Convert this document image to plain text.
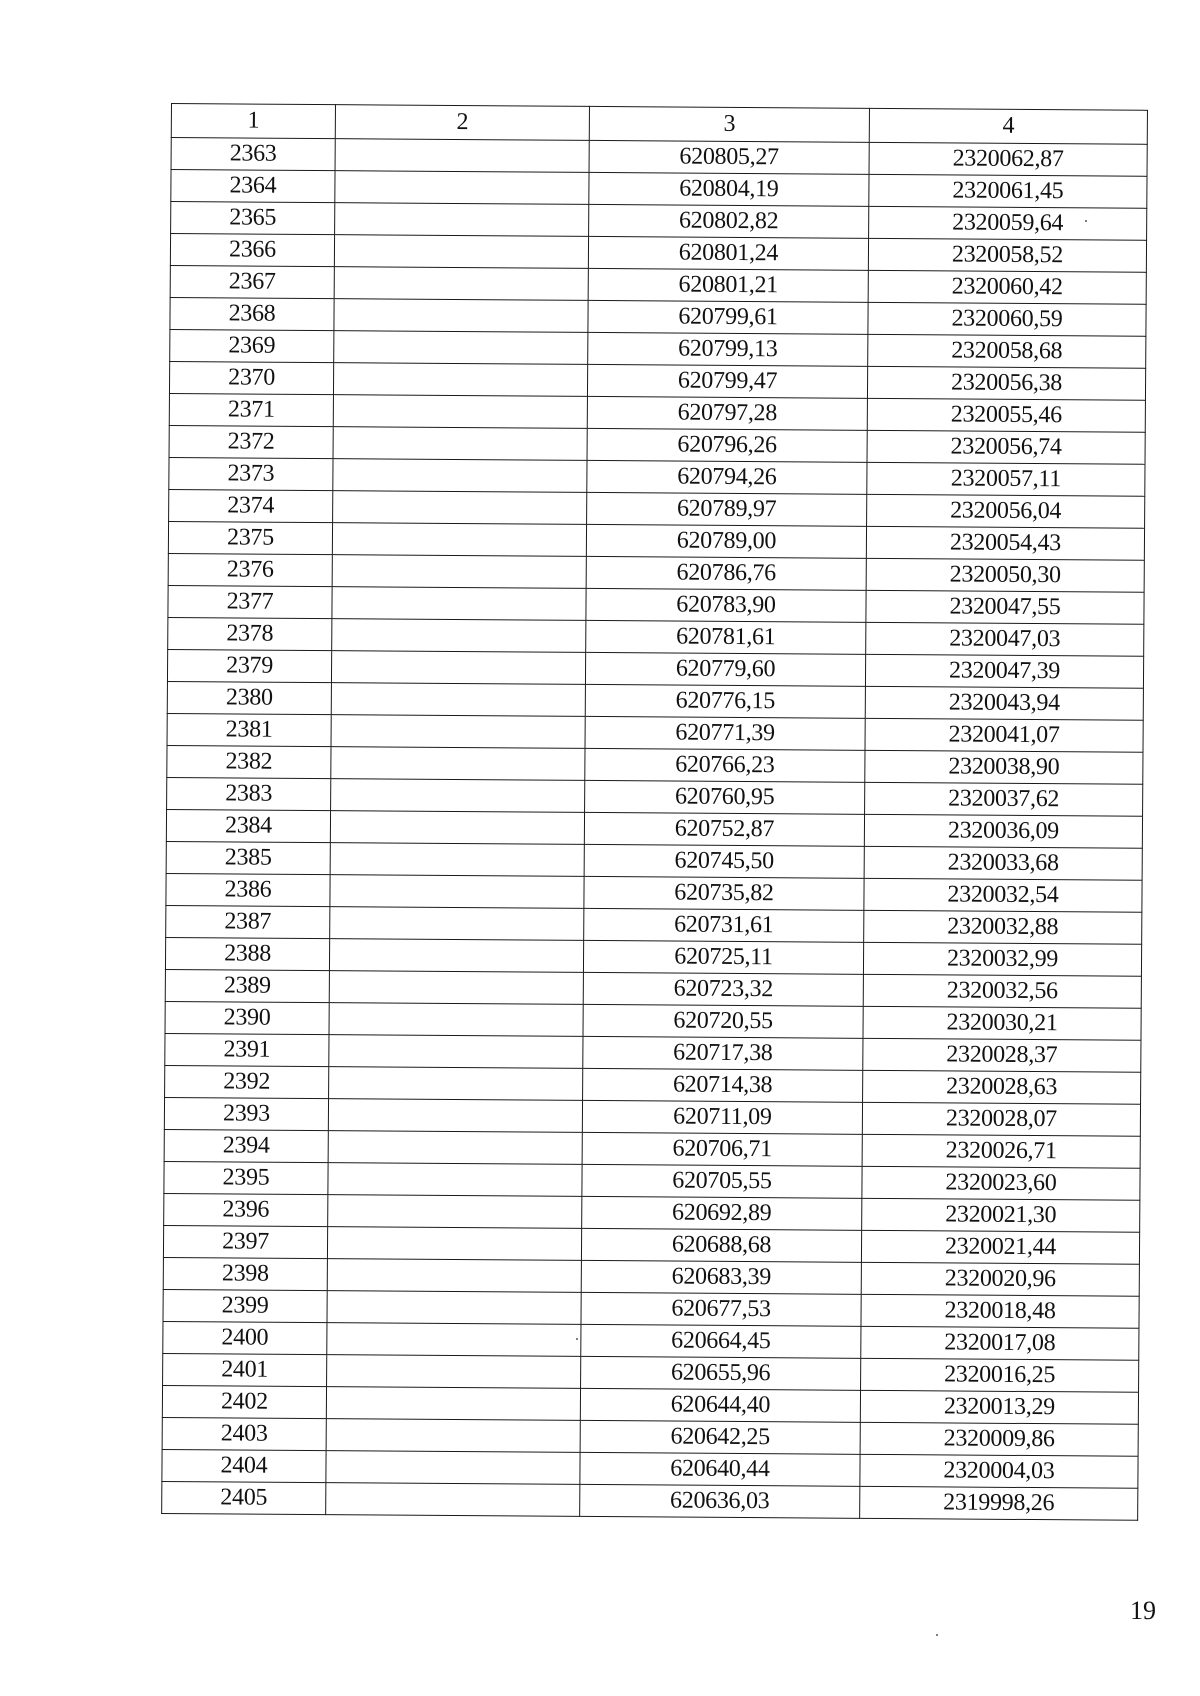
1	2	3	4
2363		620805,27	2320062,87
2364		620804,19	2320061,45
2365		620802,82	2320059,64
2366		620801,24	2320058,52
2367		620801,21	2320060,42
2368		620799,61	2320060,59
2369		620799,13	2320058,68
2370		620799,47	2320056,38
2371		620797,28	2320055,46
2372		620796,26	2320056,74
2373		620794,26	2320057,11
2374		620789,97	2320056,04
2375		620789,00	2320054,43
2376		620786,76	2320050,30
2377		620783,90	2320047,55
2378		620781,61	2320047,03
2379		620779,60	2320047,39
2380		620776,15	2320043,94
2381		620771,39	2320041,07
2382		620766,23	2320038,90
2383		620760,95	2320037,62
2384		620752,87	2320036,09
2385		620745,50	2320033,68
2386		620735,82	2320032,54
2387		620731,61	2320032,88
2388		620725,11	2320032,99
2389		620723,32	2320032,56
2390		620720,55	2320030,21
2391		620717,38	2320028,37
2392		620714,38	2320028,63
2393		620711,09	2320028,07
2394		620706,71	2320026,71
2395		620705,55	2320023,60
2396		620692,89	2320021,30
2397		620688,68	2320021,44
2398		620683,39	2320020,96
2399		620677,53	2320018,48
2400		620664,45	2320017,08
2401		620655,96	2320016,25
2402		620644,40	2320013,29
2403		620642,25	2320009,86
2404		620640,44	2320004,03
2405		620636,03	2319998,26
19
